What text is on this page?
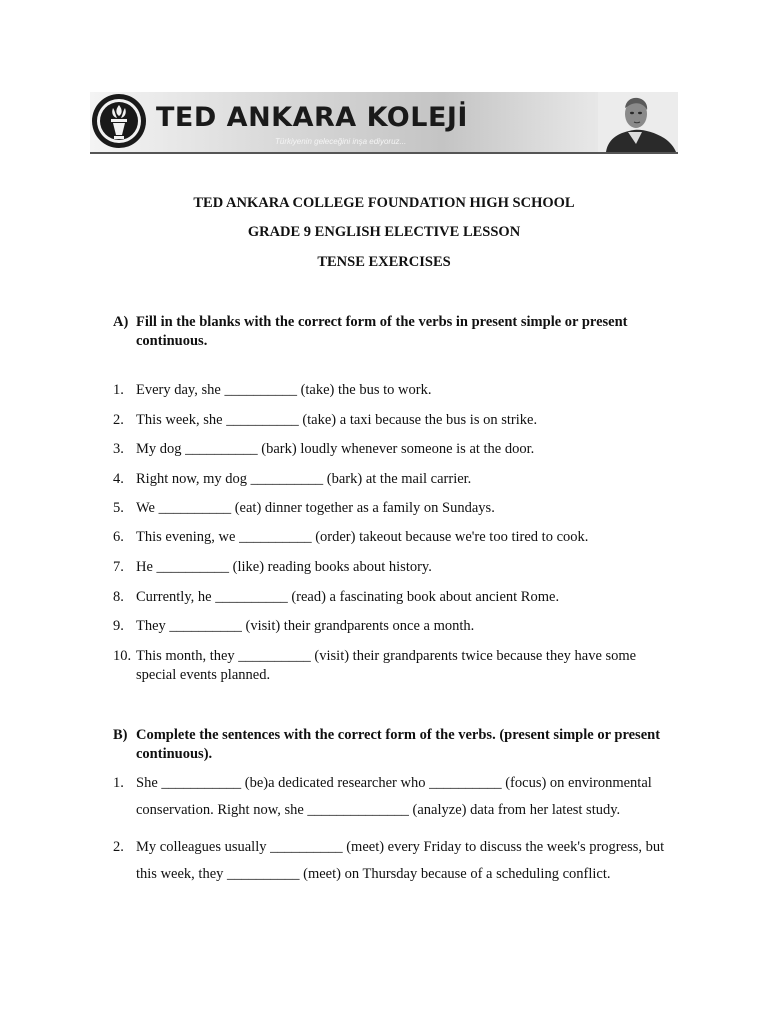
TED ANKARA KOLEJİ
Türkiyenin geleceğini inşa ediyoruz...
TED ANKARA COLLEGE FOUNDATION HIGH SCHOOL
GRADE 9 ENGLISH ELECTIVE LESSON
TENSE EXERCISES
A) Fill in the blanks with the correct form of the verbs in present simple or present continuous.
1. Every day, she __________ (take) the bus to work.
2. This week, she __________ (take) a taxi because the bus is on strike.
3. My dog __________ (bark) loudly whenever someone is at the door.
4. Right now, my dog __________ (bark) at the mail carrier.
5. We __________ (eat) dinner together as a family on Sundays.
6. This evening, we __________ (order) takeout because we're too tired to cook.
7. He __________ (like) reading books about history.
8. Currently, he __________ (read) a fascinating book about ancient Rome.
9. They __________ (visit) their grandparents once a month.
10. This month, they __________ (visit) their grandparents twice because they have some special events planned.
B) Complete the sentences with the correct form of the verbs. (present simple or present continuous).
1. She ___________ (be)a dedicated researcher who __________ (focus) on environmental conservation. Right now, she ______________ (analyze) data from her latest study.
2. My colleagues usually __________ (meet) every Friday to discuss the week's progress, but this week, they __________ (meet) on Thursday because of a scheduling conflict.
